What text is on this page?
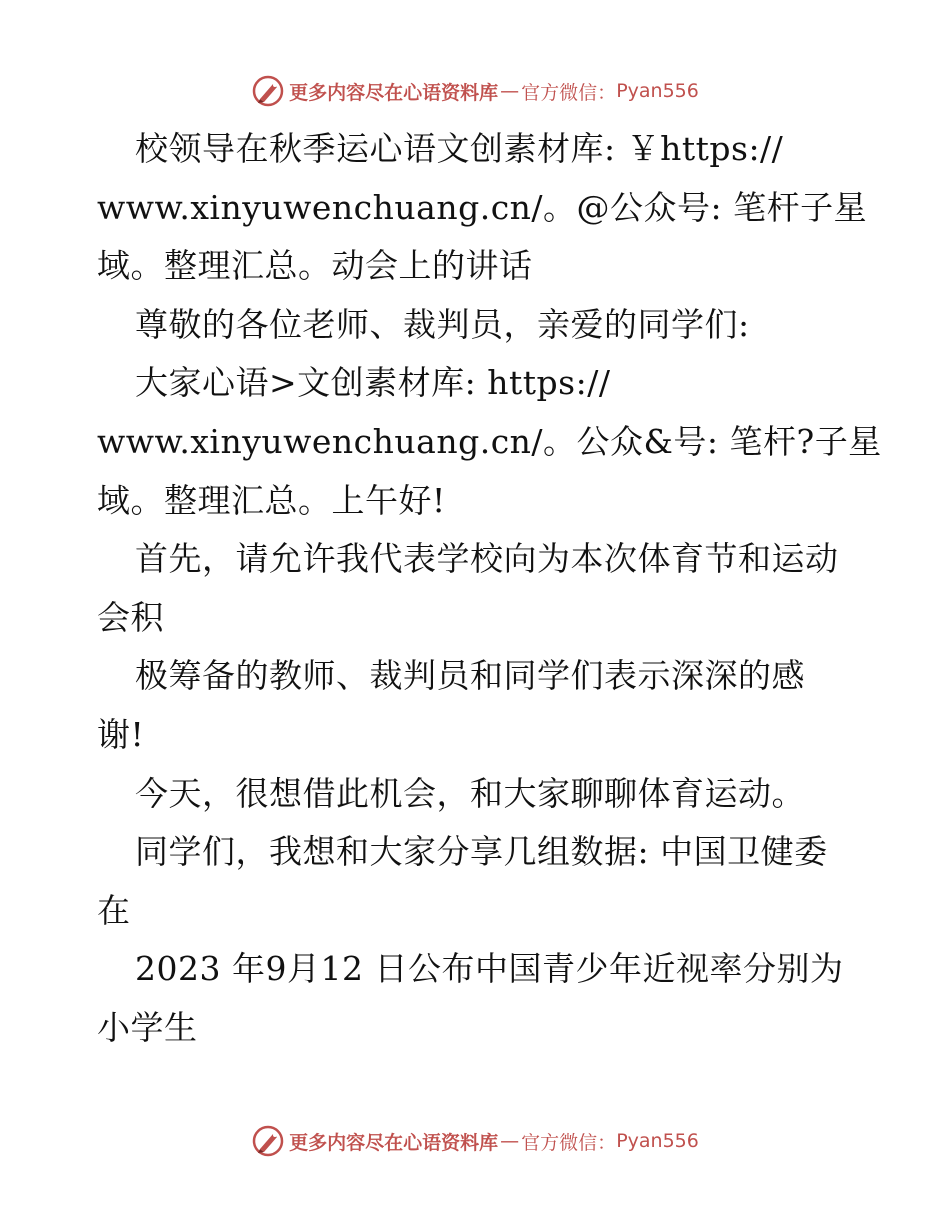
更多内容尽在心语资料库 — 官方微信： Pyan556
校领导在秋季运心语文创素材库: ￥https://
www.xinyuwenchuang.cn/。@公众号: 笔杆子星
域。整理汇总。动会上的讲话
尊敬的各位老师、裁判员，亲爱的同学们:
大家心语>文创素材库: https://
www.xinyuwenchuang.cn/。公众&号: 笔杆?子星
域。整理汇总。上午好!
首先，请允许我代表学校向为本次体育节和运动
会积
极筹备的教师、裁判员和同学们表示深深的感
谢!
今天，很想借此机会，和大家聊聊体育运动。
同学们，我想和大家分享几组数据: 中国卫健委
在
2023 年9月12 日公布中国青少年近视率分别为
小学生
更多内容尽在心语资料库 — 官方微信： Pyan556
